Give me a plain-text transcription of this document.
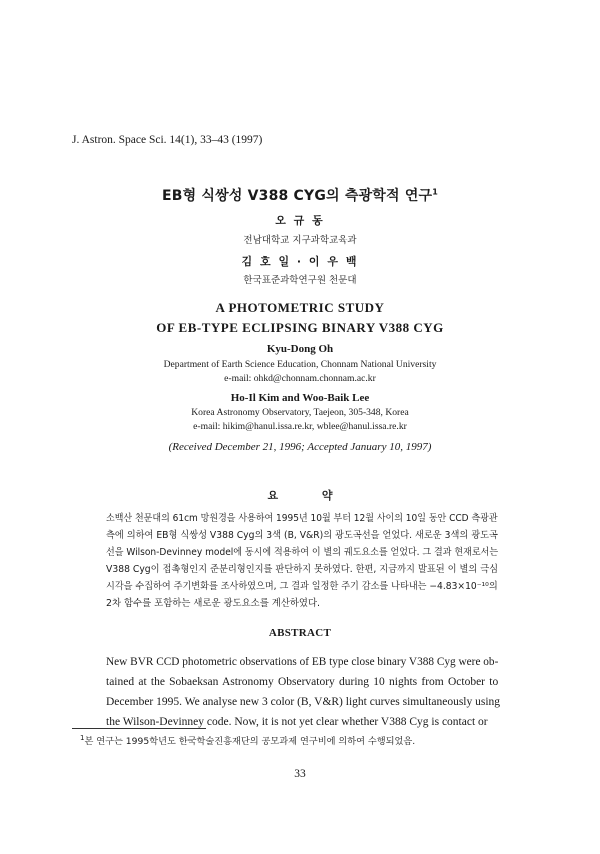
J. Astron. Space Sci. 14(1), 33–43 (1997)
EB형 식쌍성 V388 CYG의 측광학적 연구$^1$
오 규 동
전남대학교 지구과학교육과
김 호 일 · 이 우 백
한국표준과학연구원 천문대
A PHOTOMETRIC STUDY
OF EB-TYPE ECLIPSING BINARY V388 CYG
Kyu-Dong Oh
Department of Earth Science Education, Chonnam National University
e-mail: ohkd@chonnam.chonnam.ac.kr
Ho-Il Kim and Woo-Baik Lee
Korea Astronomy Observatory, Taejeon, 305-348, Korea
e-mail: hikim@hanul.issa.re.kr, wblee@hanul.issa.re.kr
(Received December 21, 1996; Accepted January 10, 1997)
요 약
소백산 천문대의 61cm 망원경을 사용하여 1995년 10월 부터 12월 사이의 10일 동안 CCD 측광관
측에 의하여 EB형 식쌍성 V388 Cyg의 3색 (B, V&R)의 광도곡선을 얻었다. 새로운 3색의 광도곡
선을 Wilson-Devinney model에 동시에 적용하여 이 별의 궤도요소를 얻었다. 그 결과 현재로서는
V388 Cyg이 접촉형인지 준분리형인지를 판단하지 못하였다. 한편, 지금까지 발표된 이 별의 극심
시각을 수집하여 주기변화를 조사하였으며, 그 결과 일정한 주기 감소를 나타내는 −4.83×10⁻¹⁰의
2차 함수를 포함하는 새로운 광도요소를 계산하였다.
ABSTRACT
New BVR CCD photometric observations of EB type close binary V388 Cyg were ob-
tained at the Sobaeksan Astronomy Observatory during 10 nights from October to
December 1995. We analyse new 3 color (B, V&R) light curves simultaneously using
the Wilson-Devinney code. Now, it is not yet clear whether V388 Cyg is contact or
$^1$본 연구는 1995학년도 한국학술진흥재단의 공모과제 연구비에 의하여 수행되었음.
33
